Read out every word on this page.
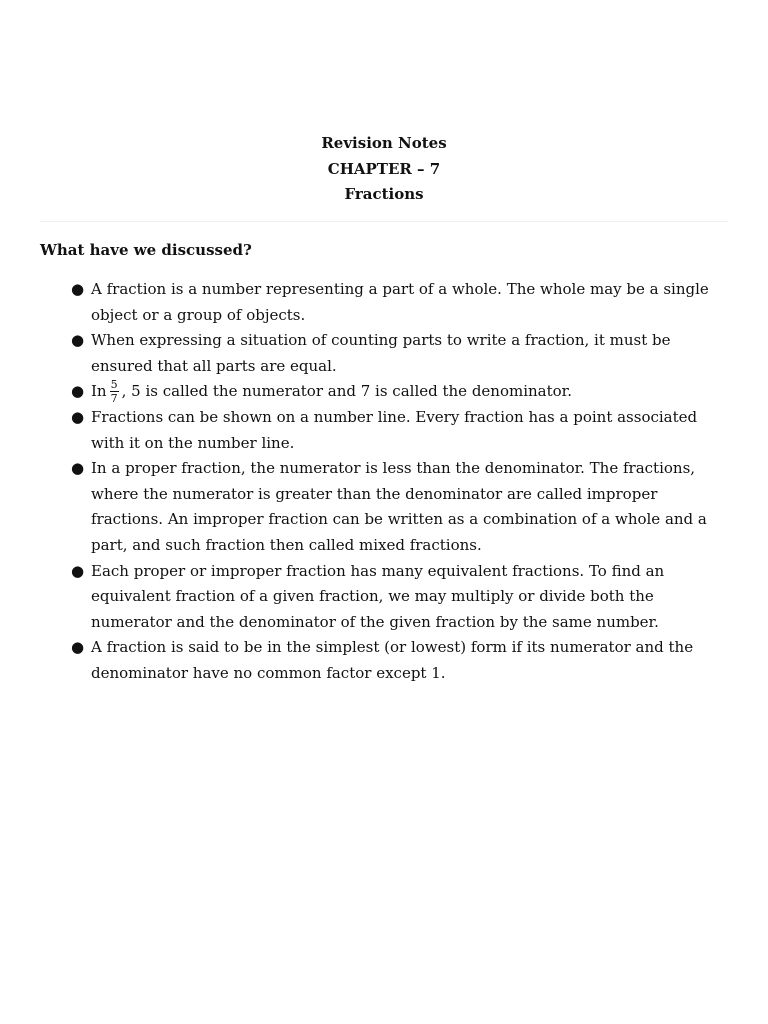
Revision Notes
CHAPTER – 7
Fractions
What have we discussed?
● A fraction is a number representing a part of a whole. The whole may be a single object or a group of objects.
● When expressing a situation of counting parts to write a fraction, it must be ensured that all parts are equal.
● In $\frac{5}{7}$ , 5 is called the numerator and 7 is called the denominator.
● Fractions can be shown on a number line. Every fraction has a point associated with it on the number line.
● In a proper fraction, the numerator is less than the denominator. The fractions, where the numerator is greater than the denominator are called improper fractions. An improper fraction can be written as a combination of a whole and a part, and such fraction then called mixed fractions.
● Each proper or improper fraction has many equivalent fractions. To find an equivalent fraction of a given fraction, we may multiply or divide both the numerator and the denominator of the given fraction by the same number.
● A fraction is said to be in the simplest (or lowest) form if its numerator and the denominator have no common factor except 1.
